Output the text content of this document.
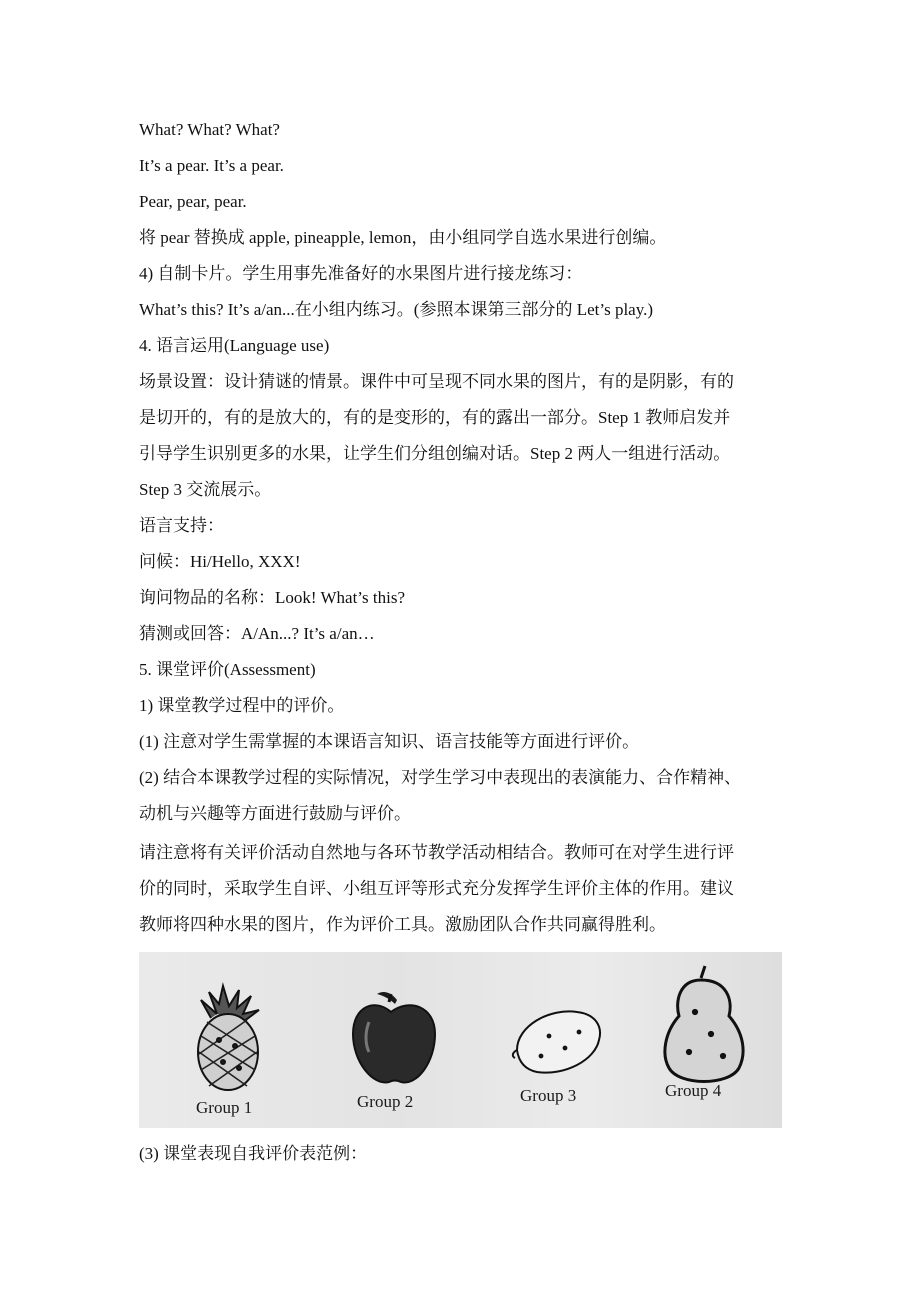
What? What? What?
It’s a pear. It’s a pear.
Pear, pear, pear.
将 pear 替换成 apple, pineapple, lemon，由小组同学自选水果进行创编。
4) 自制卡片。学生用事先准备好的水果图片进行接龙练习：
What’s this? It’s a/an...在小组内练习。(参照本课第三部分的 Let’s play.)
4. 语言运用(Language use)
场景设置：设计猜谜的情景。课件中可呈现不同水果的图片，有的是阴影，有的
是切开的，有的是放大的，有的是变形的，有的露出一部分。Step 1 教师启发并
引导学生识别更多的水果，让学生们分组创编对话。Step 2 两人一组进行活动。
Step 3 交流展示。
语言支持：
问候：Hi/Hello, XXX!
询问物品的名称：Look! What’s this?
猜测或回答：A/An...? It’s a/an…
5. 课堂评价(Assessment)
1) 课堂教学过程中的评价。
(1) 注意对学生需掌握的本课语言知识、语言技能等方面进行评价。
(2) 结合本课教学过程的实际情况，对学生学习中表现出的表演能力、合作精神、
动机与兴趣等方面进行鼓励与评价。
请注意将有关评价活动自然地与各环节教学活动相结合。教师可在对学生进行评
价的同时，采取学生自评、小组互评等形式充分发挥学生评价主体的作用。建议
教师将四种水果的图片，作为评价工具。激励团队合作共同赢得胜利。
Group 1	Group 2	Group 3	Group 4
(3) 课堂表现自我评价表范例：
